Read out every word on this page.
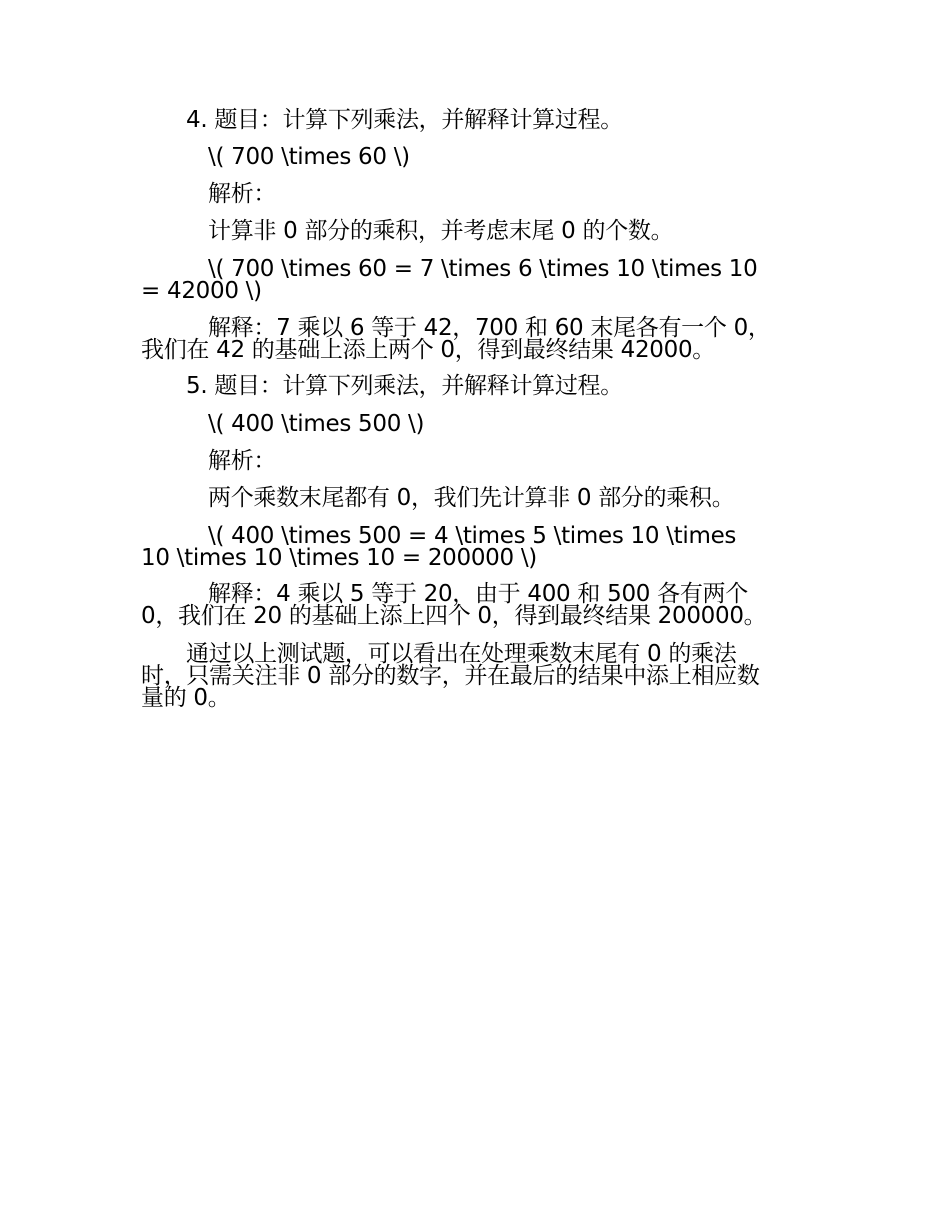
4. 题目：计算下列乘法，并解释计算过程。
\( 700 \times 60 \)
解析：
计算非 0 部分的乘积，并考虑末尾 0 的个数。
\( 700 \times 60 = 7 \times 6 \times 10 \times 10
= 42000 \)
解释：7 乘以 6 等于 42，700 和 60 末尾各有一个 0，
我们在 42 的基础上添上两个 0，得到最终结果 42000。
5. 题目：计算下列乘法，并解释计算过程。
\( 400 \times 500 \)
解析：
两个乘数末尾都有 0，我们先计算非 0 部分的乘积。
\( 400 \times 500 = 4 \times 5 \times 10 \times
10 \times 10 \times 10 = 200000 \)
解释：4 乘以 5 等于 20，由于 400 和 500 各有两个
0，我们在 20 的基础上添上四个 0，得到最终结果 200000。
通过以上测试题，可以看出在处理乘数末尾有 0 的乘法
时，只需关注非 0 部分的数字，并在最后的结果中添上相应数
量的 0。
